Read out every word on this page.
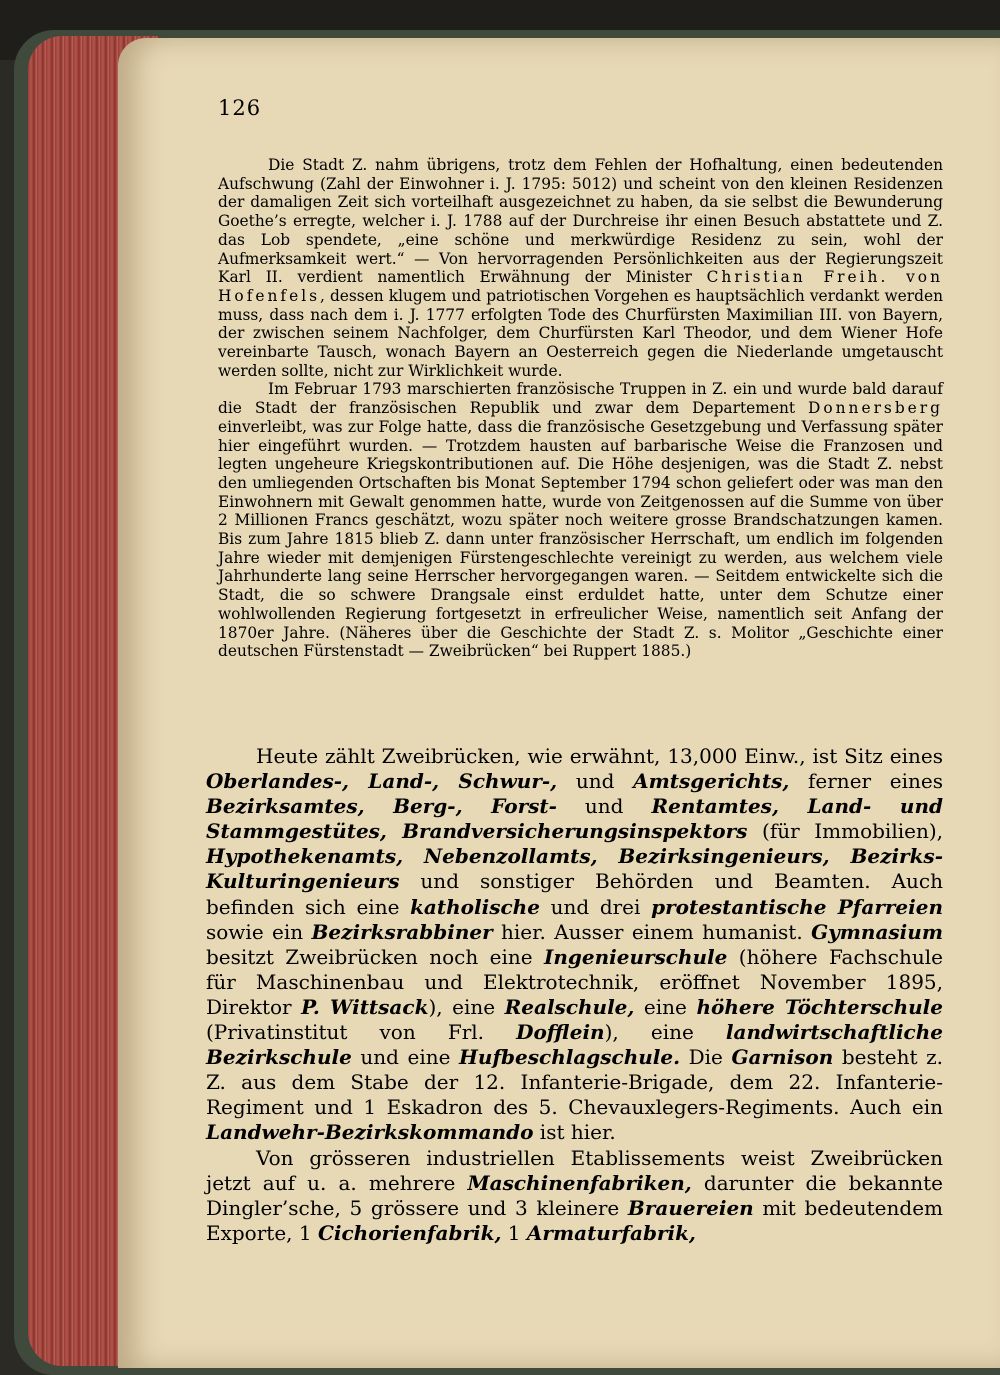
126

Die Stadt Z. nahm übrigens, trotz dem Fehlen der Hofhaltung, einen bedeutenden Aufschwung (Zahl der Einwohner i. J. 1795: 5012) und scheint von den kleinen Residenzen der damaligen Zeit sich vorteilhaft ausgezeichnet zu haben, da sie selbst die Bewunderung Goethe’s erregte, welcher i. J. 1788 auf der Durchreise ihr einen Besuch abstattete und Z. das Lob spendete, „eine schöne und merkwürdige Residenz zu sein, wohl der Aufmerksamkeit wert.“ — Von hervorragenden Persönlichkeiten aus der Regierungszeit Karl II. verdient namentlich Erwähnung der Minister Christian Freih. von Hofenfels, dessen klugem und patriotischen Vorgehen es hauptsächlich verdankt werden muss, dass nach dem i. J. 1777 erfolgten Tode des Churfürsten Maximilian III. von Bayern, der zwischen seinem Nachfolger, dem Churfürsten Karl Theodor, und dem Wiener Hofe vereinbarte Tausch, wonach Bayern an Oesterreich gegen die Niederlande umgetauscht werden sollte, nicht zur Wirklichkeit wurde.

Im Februar 1793 marschierten französische Truppen in Z. ein und wurde bald darauf die Stadt der französischen Republik und zwar dem Departement Donnersberg einverleibt, was zur Folge hatte, dass die französische Gesetzgebung und Verfassung später hier eingeführt wurden. — Trotzdem hausten auf barbarische Weise die Franzosen und legten ungeheure Kriegskontributionen auf. Die Höhe desjenigen, was die Stadt Z. nebst den umliegenden Ortschaften bis Monat September 1794 schon geliefert oder was man den Einwohnern mit Gewalt genommen hatte, wurde von Zeitgenossen auf die Summe von über 2 Millionen Francs geschätzt, wozu später noch weitere grosse Brandschatzungen kamen. Bis zum Jahre 1815 blieb Z. dann unter französischer Herrschaft, um endlich im folgenden Jahre wieder mit demjenigen Fürstengeschlechte vereinigt zu werden, aus welchem viele Jahrhunderte lang seine Herrscher hervorgegangen waren. — Seitdem entwickelte sich die Stadt, die so schwere Drangsale einst erduldet hatte, unter dem Schutze einer wohlwollenden Regierung fortgesetzt in erfreulicher Weise, namentlich seit Anfang der 1870er Jahre. (Näheres über die Geschichte der Stadt Z. s. Molitor „Geschichte einer deutschen Fürstenstadt — Zweibrücken“ bei Ruppert 1885.)

Heute zählt Zweibrücken, wie erwähnt, 13,000 Einw., ist Sitz eines Oberlandes-, Land-, Schwur-, und Amtsgerichts, ferner eines Bezirksamtes, Berg-, Forst- und Rentamtes, Land- und Stammgestütes, Brandversicherungsinspektors (für Immobilien), Hypothekenamts, Nebenzollamts, Bezirksingenieurs, Bezirks-Kulturingenieurs und sonstiger Behörden und Beamten. Auch befinden sich eine katholische und drei protestantische Pfarreien sowie ein Bezirksrabbiner hier. Ausser einem humanist. Gymnasium besitzt Zweibrücken noch eine Ingenieurschule (höhere Fachschule für Maschinenbau und Elektrotechnik, eröffnet November 1895, Direktor P. Wittsack), eine Realschule, eine höhere Töchterschule (Privatinstitut von Frl. Dofflein), eine landwirtschaftliche Bezirkschule und eine Hufbeschlagschule. Die Garnison besteht z. Z. aus dem Stabe der 12. Infanterie-Brigade, dem 22. Infanterie-Regiment und 1 Eskadron des 5. Chevauxlegers-Regiments. Auch ein Landwehr-Bezirkskommando ist hier.

Von grösseren industriellen Etablissements weist Zweibrücken jetzt auf u. a. mehrere Maschinenfabriken, darunter die bekannte Dingler’sche, 5 grössere und 3 kleinere Brauereien mit bedeutendem Exporte, 1 Cichorienfabrik, 1 Armaturfabrik,
